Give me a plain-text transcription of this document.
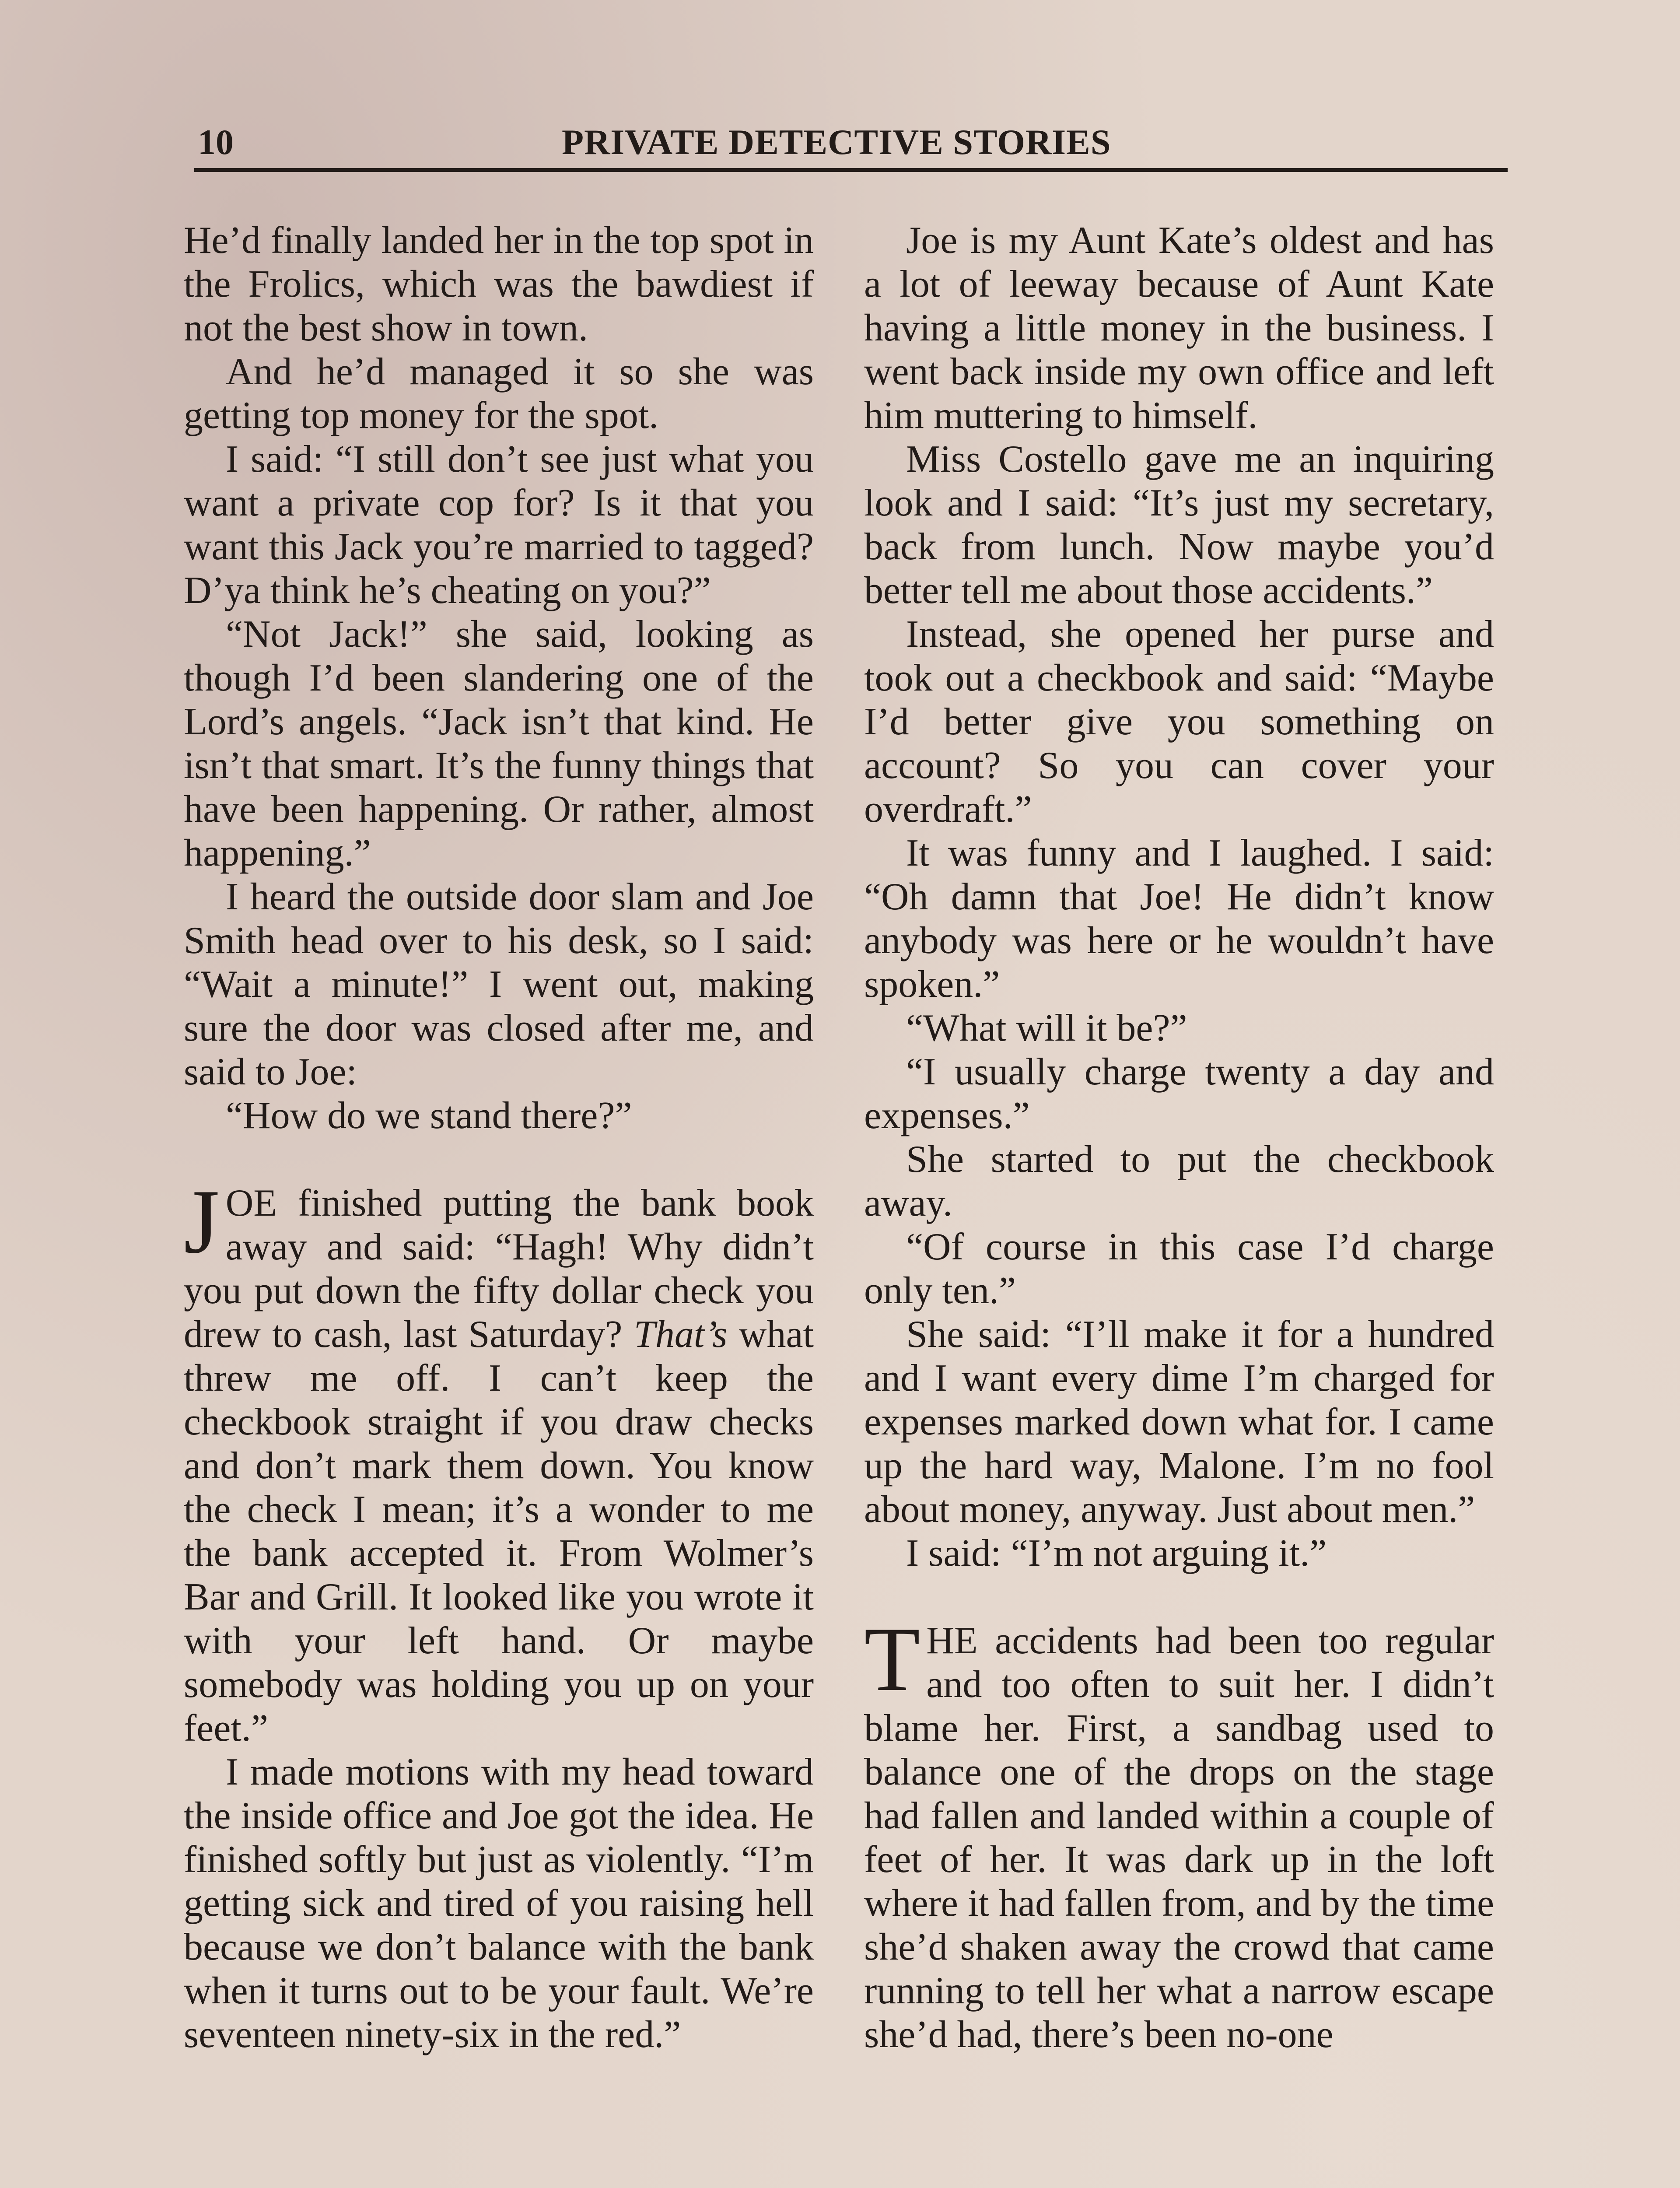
10	PRIVATE DETECTIVE STORIES

He’d finally landed her in the top spot in the Frolics, which was the bawdiest if not the best show in town.

And he’d managed it so she was getting top money for the spot.

I said: “I still don’t see just what you want a private cop for? Is it that you want this Jack you’re married to tagged? D’ya think he’s cheating on you?”

“Not Jack!” she said, looking as though I’d been slandering one of the Lord’s angels. “Jack isn’t that kind. He isn’t that smart. It’s the funny things that have been happening. Or rather, almost happening.”

I heard the outside door slam and Joe Smith head over to his desk, so I said: “Wait a minute!” I went out, making sure the door was closed after me, and said to Joe:

“How do we stand there?”

JOE finished putting the bank book away and said: “Hagh! Why didn’t you put down the fifty dollar check you drew to cash, last Saturday? That’s what threw me off. I can’t keep the checkbook straight if you draw checks and don’t mark them down. You know the check I mean; it’s a wonder to me the bank accepted it. From Wolmer’s Bar and Grill. It looked like you wrote it with your left hand. Or maybe somebody was holding you up on your feet.”

I made motions with my head toward the inside office and Joe got the idea. He finished softly but just as violently. “I’m getting sick and tired of you raising hell because we don’t balance with the bank when it turns out to be your fault. We’re seventeen ninety-six in the red.”

Joe is my Aunt Kate’s oldest and has a lot of leeway because of Aunt Kate having a little money in the business. I went back inside my own office and left him muttering to himself.

Miss Costello gave me an inquiring look and I said: “It’s just my secretary, back from lunch. Now maybe you’d better tell me about those accidents.”

Instead, she opened her purse and took out a checkbook and said: “Maybe I’d better give you something on account? So you can cover your overdraft.”

It was funny and I laughed. I said: “Oh damn that Joe! He didn’t know anybody was here or he wouldn’t have spoken.”

“What will it be?”

“I usually charge twenty a day and expenses.”

She started to put the checkbook away.

“Of course in this case I’d charge only ten.”

She said: “I’ll make it for a hundred and I want every dime I’m charged for expenses marked down what for. I came up the hard way, Malone. I’m no fool about money, anyway. Just about men.”

I said: “I’m not arguing it.”

THE accidents had been too regular and too often to suit her. I didn’t blame her. First, a sandbag used to balance one of the drops on the stage had fallen and landed within a couple of feet of her. It was dark up in the loft where it had fallen from, and by the time she’d shaken away the crowd that came running to tell her what a narrow escape she’d had, there’s been no-one
